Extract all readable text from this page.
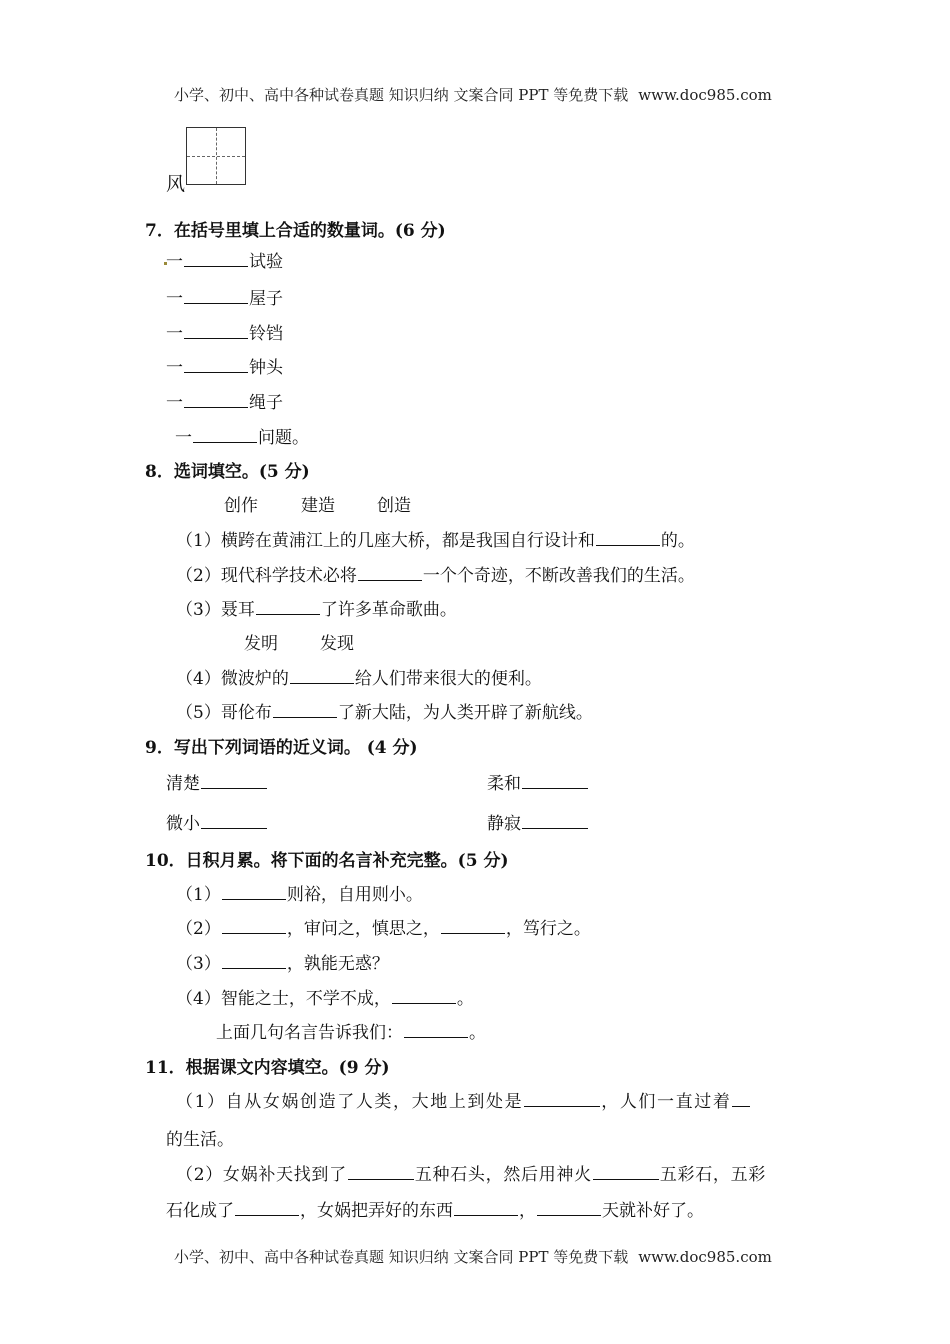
小学、初中、高中各种试卷真题 知识归纳 文案合同 PPT 等免费下载 www.doc985.com
风
7．在括号里填上合适的数量词。(6 分)
一	试验
一	屋子
一	铃铛
一	钟头
一	绳子
一	问题。
8．选词填空。(5 分)
创作	建造 创造
（1）横跨在黄浦江上的几座大桥，都是我国自行设计和	的。
（2）现代科学技术必将	一个个奇迹，不断改善我们的生活。
（3）聂耳	了许多革命歌曲。
发明 发现
（4）微波炉的	给人们带来很大的便利。
（5）哥伦布	了新大陆，为人类开辟了新航线。
9．写出下列词语的近义词。 (4 分)
清楚	柔和
微小	静寂
10．日积月累。将下面的名言补充完整。(5 分)
（1）	则裕，自用则小。
（2）	，审问之，慎思之，	，笃行之。
（3）	，孰能无惑？
（4）智能之士，不学不成，	。
上面几句名言告诉我们：	。
11．根据课文内容填空。(9 分)
（1）自从女娲创造了人类，大地上到处是	，人们一直过着
的生活。
（2）女娲补天找到了	五种石头，然后用神火	五彩石，五彩
石化成了	，女娲把弄好的东西	，	天就补好了。
小学、初中、高中各种试卷真题 知识归纳 文案合同 PPT 等免费下载 www.doc985.com
